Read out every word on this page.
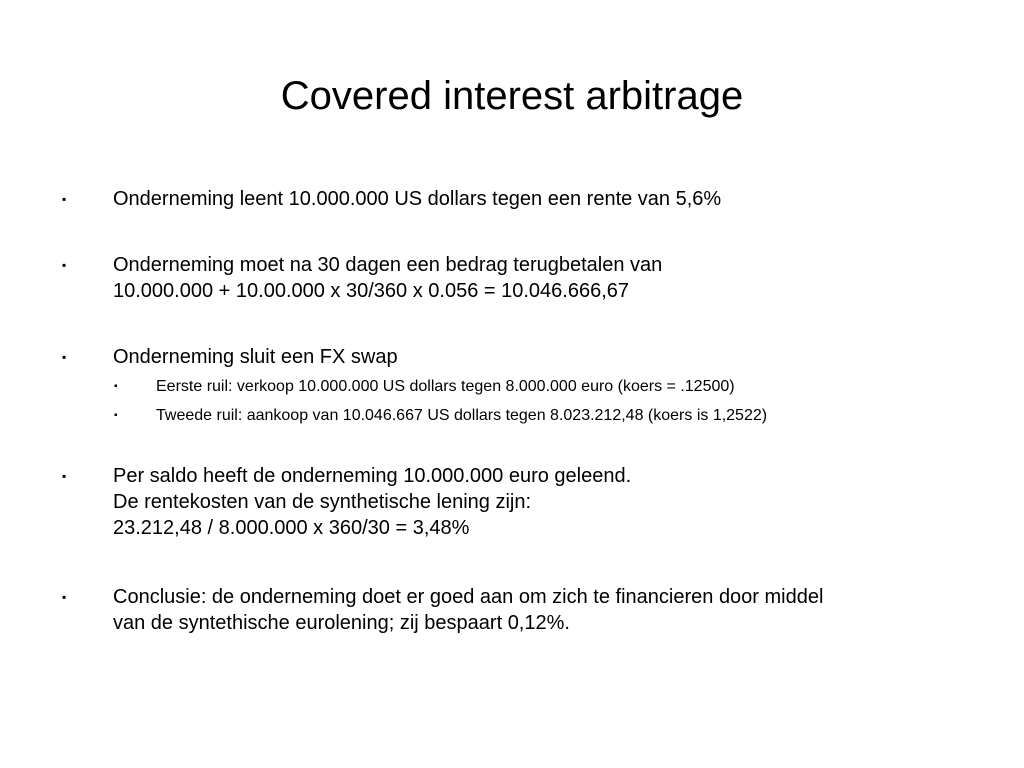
Covered interest arbitrage
▪ Onderneming leent 10.000.000 US dollars tegen een rente van 5,6%
▪ Onderneming moet na 30 dagen een bedrag terugbetalen van
10.000.000 + 10.00.000 x 30/360 x 0.056 = 10.046.666,67
▪ Onderneming sluit een FX swap
▪	Eerste ruil: verkoop 10.000.000 US dollars tegen 8.000.000 euro (koers = .12500)
▪	Tweede ruil: aankoop van 10.046.667 US dollars tegen 8.023.212,48 (koers is 1,2522)
▪ Per saldo heeft de onderneming 10.000.000 euro geleend.
De rentekosten van de synthetische lening zijn:
23.212,48 / 8.000.000 x 360/30 = 3,48%
▪ Conclusie: de onderneming doet er goed aan om zich te financieren door middel
van de syntethische eurolening; zij bespaart 0,12%.
